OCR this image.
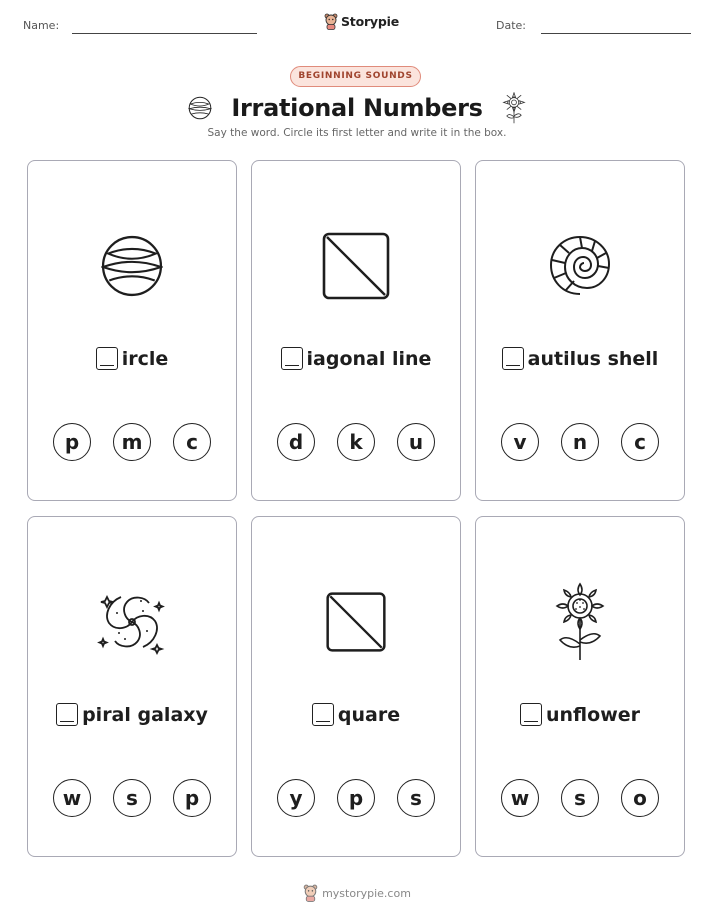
Name:	Storypie	Date:
BEGINNING SOUNDS
Irrational Numbers
Say the word. Circle its first letter and write it in the box.
ircle
p	m	c
iagonal line
d	k	u
autilus shell
v	n	c
piral galaxy
w	s	p
quare
y	p	s
unflower
w	s	o
mystorypie.com
